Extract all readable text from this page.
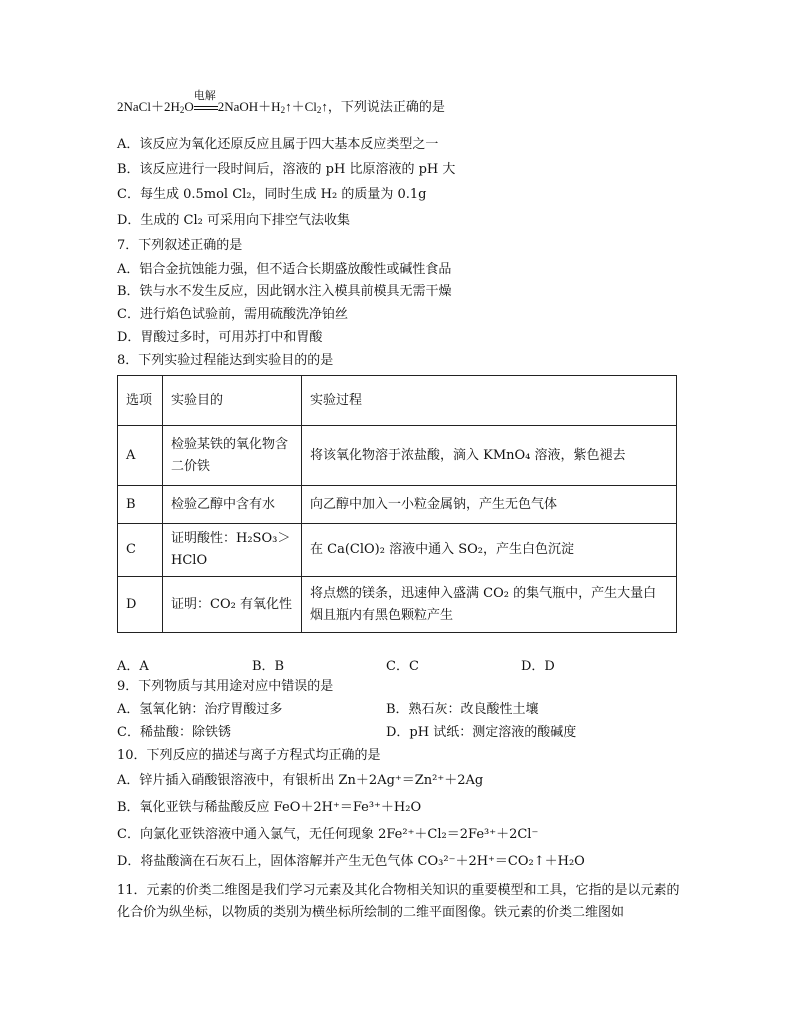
$2NaCl+2H_2O$
电解
$2NaOH+H_2↑+Cl_2↑$，下列说法正确的是
A．该反应为氧化还原反应且属于四大基本反应类型之一
B．该反应进行一段时间后，溶液的 pH 比原溶液的 pH 大
C．每生成 0.5mol Cl₂，同时生成 H₂ 的质量为 0.1g
D．生成的 Cl₂ 可采用向下排空气法收集
7．下列叙述正确的是
A．铝合金抗蚀能力强，但不适合长期盛放酸性或碱性食品
B．铁与水不发生反应，因此钢水注入模具前模具无需干燥
C．进行焰色试验前，需用硫酸洗净铂丝
D．胃酸过多时，可用苏打中和胃酸
8．下列实验过程能达到实验目的的是
选项	实验目的	实验过程
A	检验某铁的氧化物含二价铁	将该氧化物溶于浓盐酸，滴入 KMnO₄ 溶液，紫色褪去
B	检验乙醇中含有水	向乙醇中加入一小粒金属钠，产生无色气体
C	证明酸性：H₂SO₃＞HClO	在 Ca(ClO)₂ 溶液中通入 SO₂，产生白色沉淀
D	证明：CO₂ 有氧化性	将点燃的镁条，迅速伸入盛满 CO₂ 的集气瓶中，产生大量白烟且瓶内有黑色颗粒产生
A．A	B．B	C．C	D．D
9．下列物质与其用途对应中错误的是
A．氢氧化钠：治疗胃酸过多	B．熟石灰：改良酸性土壤
C．稀盐酸：除铁锈	D．pH 试纸：测定溶液的酸碱度
10．下列反应的描述与离子方程式均正确的是
A．锌片插入硝酸银溶液中，有银析出 Zn＋2Ag⁺＝Zn²⁺＋2Ag
B．氧化亚铁与稀盐酸反应 FeO＋2H⁺＝Fe³⁺＋H₂O
C．向氯化亚铁溶液中通入氯气，无任何现象 2Fe²⁺＋Cl₂＝2Fe³⁺＋2Cl⁻
D．将盐酸滴在石灰石上，固体溶解并产生无色气体 CO₃²⁻＋2H⁺＝CO₂↑＋H₂O
11．元素的价类二维图是我们学习元素及其化合物相关知识的重要模型和工具，它指的是以元素的化合价为纵坐标，以物质的类别为横坐标所绘制的二维平面图像。铁元素的价类二维图如
